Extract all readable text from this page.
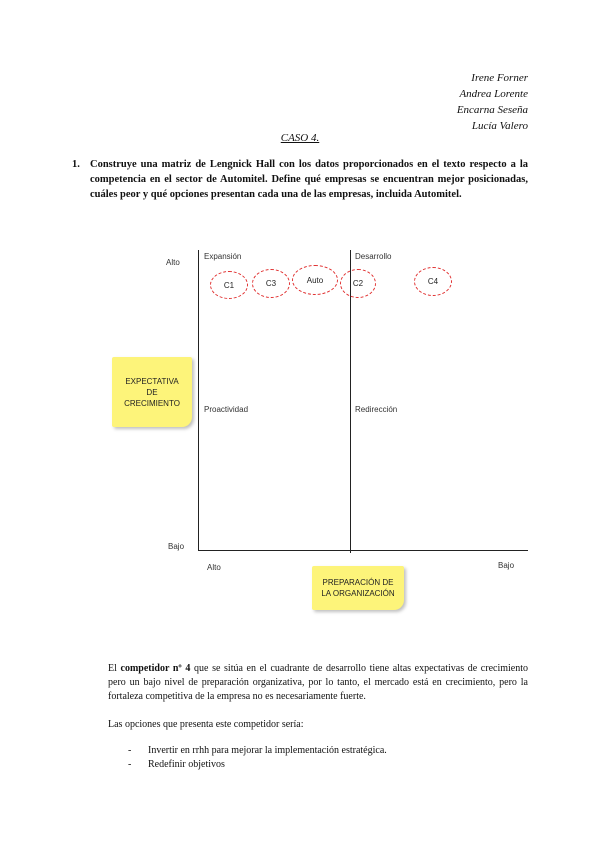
Irene Forner
Andrea Lorente
Encarna Seseña
Lucía Valero
CASO 4.
1. Construye una matriz de Lengnick Hall con los datos proporcionados en el texto respecto a la competencia en el sector de Automitel. Define qué empresas se encuentran mejor posicionadas, cuáles peor y qué opciones presentan cada una de las empresas, incluida Automitel.
Alto
Bajo
Alto	Bajo
Expansión	Desarrollo
Proactividad	Redirección
C1	C3	Auto	C2	C4
EXPECTATIVA
DE
CRECIMIENTO
PREPARACIÓN DE
LA ORGANIZACIÓN
El competidor nº 4 que se sitúa en el cuadrante de desarrollo tiene altas expectativas de crecimiento pero un bajo nivel de preparación organizativa, por lo tanto, el mercado está en crecimiento, pero la fortaleza competitiva de la empresa no es necesariamente fuerte.
Las opciones que presenta este competidor sería:
- Invertir en rrhh para mejorar la implementación estratégica.
- Redefinir objetivos
